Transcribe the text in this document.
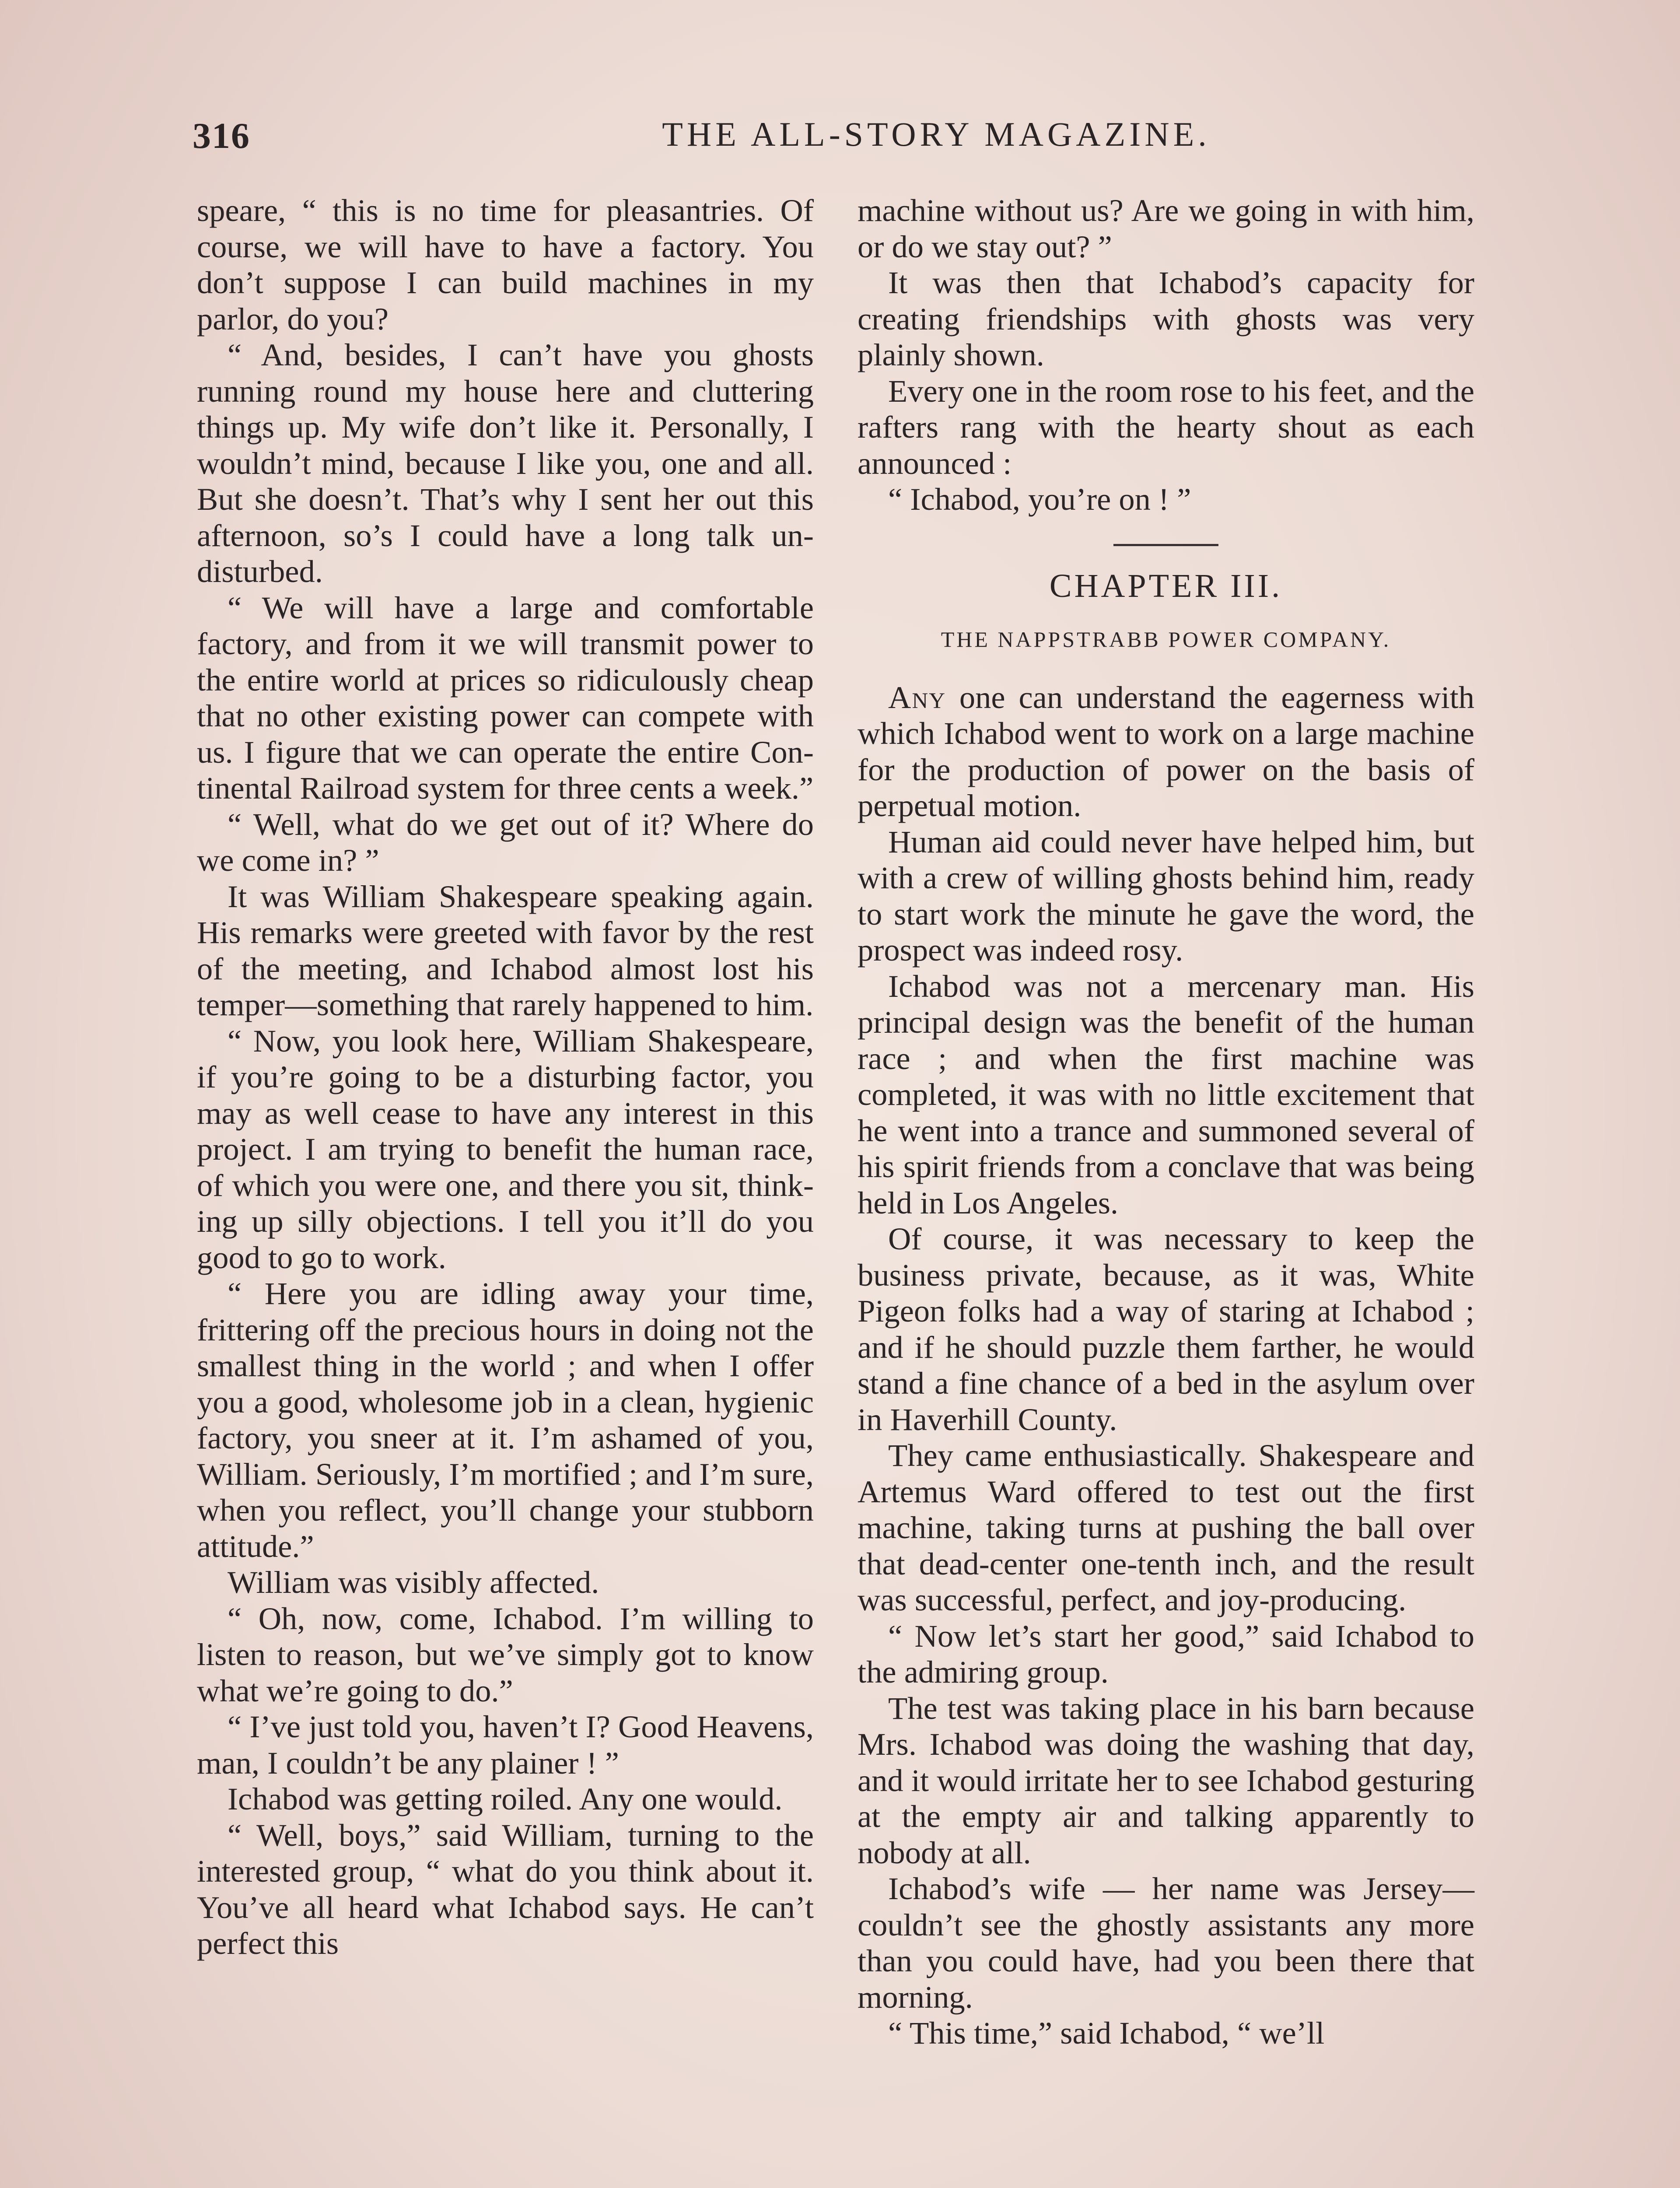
316	THE ALL-STORY MAGAZINE.

speare, “ this is no time for pleasantries. Of course, we will have to have a factory. You don’t suppose I can build machines in my parlor, do you?

“ And, besides, I can’t have you ghosts running round my house here and cluttering things up. My wife don’t like it. Personally, I wouldn’t mind, because I like you, one and all. But she doesn’t. That’s why I sent her out this afternoon, so’s I could have a long talk undisturbed.

“ We will have a large and comfortable factory, and from it we will transmit power to the entire world at prices so ridiculously cheap that no other existing power can compete with us. I figure that we can operate the entire Continental Railroad system for three cents a week.”

“ Well, what do we get out of it? Where do we come in? ”

It was William Shakespeare speaking again. His remarks were greeted with favor by the rest of the meeting, and Ichabod almost lost his temper—something that rarely happened to him.

“ Now, you look here, William Shakespeare, if you’re going to be a disturbing factor, you may as well cease to have any interest in this project. I am trying to benefit the human race, of which you were one, and there you sit, thinking up silly objections. I tell you it’ll do you good to go to work.

“ Here you are idling away your time, frittering off the precious hours in doing not the smallest thing in the world ; and when I offer you a good, wholesome job in a clean, hygienic factory, you sneer at it. I’m ashamed of you, William. Seriously, I’m mortified ; and I’m sure, when you reflect, you’ll change your stubborn attitude.”

William was visibly affected.

“ Oh, now, come, Ichabod. I’m willing to listen to reason, but we’ve simply got to know what we’re going to do.”

“ I’ve just told you, haven’t I? Good Heavens, man, I couldn’t be any plainer ! ”

Ichabod was getting roiled. Any one would.

“ Well, boys,” said William, turning to the interested group, “ what do you think about it. You’ve all heard what Ichabod says. He can’t perfect this

machine without us? Are we going in with him, or do we stay out? ”

It was then that Ichabod’s capacity for creating friendships with ghosts was very plainly shown.

Every one in the room rose to his feet, and the rafters rang with the hearty shout as each announced :

“ Ichabod, you’re on ! ”

CHAPTER III.
THE NAPPSTRABB POWER COMPANY.

Any one can understand the eagerness with which Ichabod went to work on a large machine for the production of power on the basis of perpetual motion.

Human aid could never have helped him, but with a crew of willing ghosts behind him, ready to start work the minute he gave the word, the prospect was indeed rosy.

Ichabod was not a mercenary man. His principal design was the benefit of the human race ; and when the first machine was completed, it was with no little excitement that he went into a trance and summoned several of his spirit friends from a conclave that was being held in Los Angeles.

Of course, it was necessary to keep the business private, because, as it was, White Pigeon folks had a way of staring at Ichabod ; and if he should puzzle them farther, he would stand a fine chance of a bed in the asylum over in Haverhill County.

They came enthusiastically. Shakespeare and Artemus Ward offered to test out the first machine, taking turns at pushing the ball over that dead-center one-tenth inch, and the result was successful, perfect, and joy-producing.

“ Now let’s start her good,” said Ichabod to the admiring group.

The test was taking place in his barn because Mrs. Ichabod was doing the washing that day, and it would irritate her to see Ichabod gesturing at the empty air and talking apparently to nobody at all.

Ichabod’s wife — her name was Jersey—couldn’t see the ghostly assistants any more than you could have, had you been there that morning.

“ This time,” said Ichabod, “ we’ll
